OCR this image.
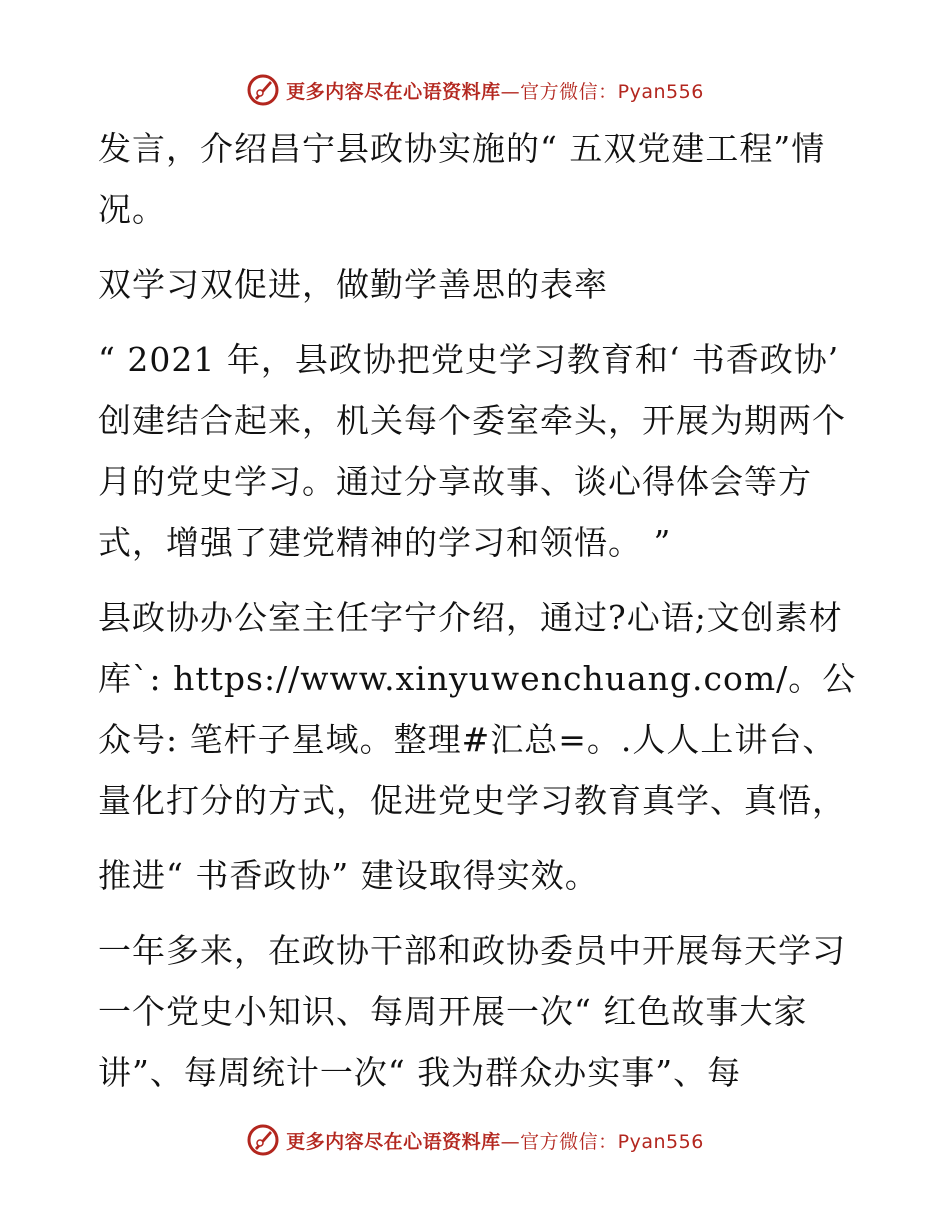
更多内容尽在心语资料库 —官方微信：Pyan556

发言，介绍昌宁县政协实施的“ 五双党建工程”情况。

双学习双促进，做勤学善思的表率

“ 2021 年，县政协把党史学习教育和‘ 书香政协’ 创建结合起来，机关每个委室牵头，开展为期两个月的党史学习。通过分享故事、谈心得体会等方式，增强了建党精神的学习和领悟。 ”

县政协办公室主任字宁介绍，通过?心语;文创素材库`: https://www.xinyuwenchuang.com/。公众号: 笔杆子星域。整理#汇总=。.人人上讲台、量化打分的方式，促进党史学习教育真学、真悟，

推进“ 书香政协” 建设取得实效。

一年多来，在政协干部和政协委员中开展每天学习一个党史小知识、每周开展一次“ 红色故事大家讲”、每周统计一次“ 我为群众办实事”、每

更多内容尽在心语资料库 —官方微信：Pyan556
